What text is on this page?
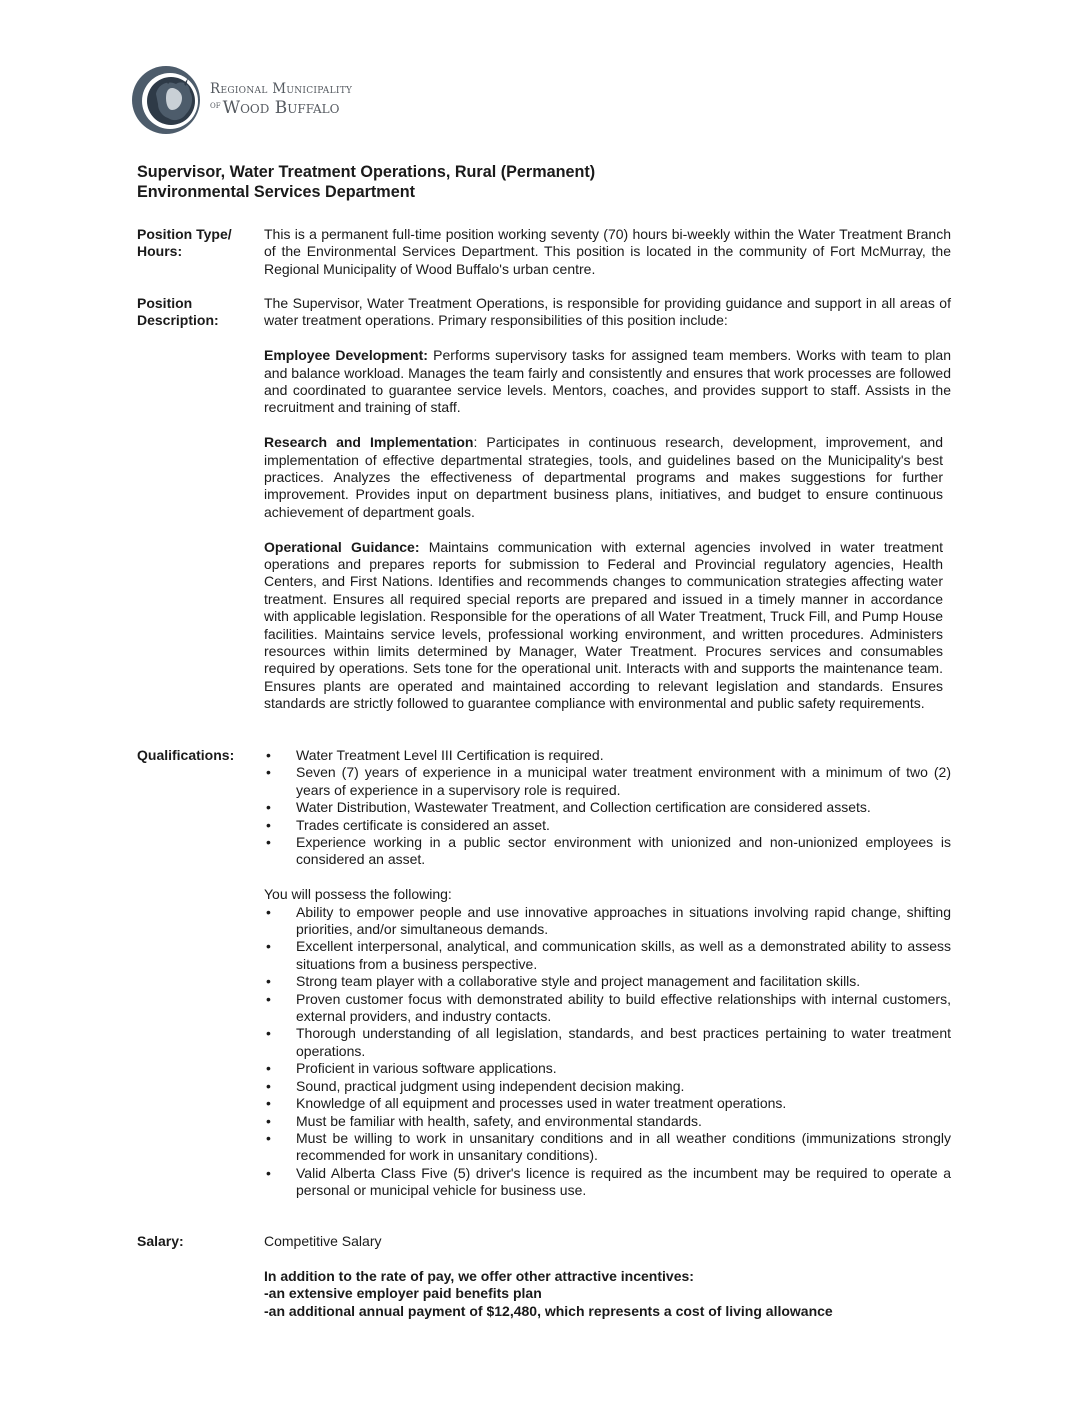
Regional Municipality
$^{of}$ Wood Buffalo
Supervisor, Water Treatment Operations, Rural (Permanent)
Environmental Services Department
Position Type/
Hours:

This is a permanent full-time position working seventy (70) hours bi-weekly within the Water Treatment Branch of the Environmental Services Department. This position is located in the community of Fort McMurray, the Regional Municipality of Wood Buffalo's urban centre.

Position
Description:

The Supervisor, Water Treatment Operations, is responsible for providing guidance and support in all areas of water treatment operations. Primary responsibilities of this position include:

Employee Development: Performs supervisory tasks for assigned team members. Works with team to plan and balance workload. Manages the team fairly and consistently and ensures that work processes are followed and coordinated to guarantee service levels. Mentors, coaches, and provides support to staff. Assists in the recruitment and training of staff.

Research and Implementation: Participates in continuous research, development, improvement, and implementation of effective departmental strategies, tools, and guidelines based on the Municipality's best practices. Analyzes the effectiveness of departmental programs and makes suggestions for further improvement. Provides input on department business plans, initiatives, and budget to ensure continuous achievement of department goals.

Operational Guidance: Maintains communication with external agencies involved in water treatment operations and prepares reports for submission to Federal and Provincial regulatory agencies, Health Centers, and First Nations. Identifies and recommends changes to communication strategies affecting water treatment. Ensures all required special reports are prepared and issued in a timely manner in accordance with applicable legislation. Responsible for the operations of all Water Treatment, Truck Fill, and Pump House facilities. Maintains service levels, professional working environment, and written procedures. Administers resources within limits determined by Manager, Water Treatment. Procures services and consumables required by operations. Sets tone for the operational unit. Interacts with and supports the maintenance team. Ensures plants are operated and maintained according to relevant legislation and standards. Ensures standards are strictly followed to guarantee compliance with environmental and public safety requirements.

Qualifications:
•	Water Treatment Level III Certification is required.
• Seven (7) years of experience in a municipal water treatment environment with a minimum of two (2) years of experience in a supervisory role is required.
• Water Distribution, Wastewater Treatment, and Collection certification are considered assets.
• Trades certificate is considered an asset.
• Experience working in a public sector environment with unionized and non-unionized employees is considered an asset.

You will possess the following:

• Ability to empower people and use innovative approaches in situations involving rapid change, shifting priorities, and/or simultaneous demands.
• Excellent interpersonal, analytical, and communication skills, as well as a demonstrated ability to assess situations from a business perspective.
• Strong team player with a collaborative style and project management and facilitation skills.
• Proven customer focus with demonstrated ability to build effective relationships with internal customers, external providers, and industry contacts.
• Thorough understanding of all legislation, standards, and best practices pertaining to water treatment operations.
• Proficient in various software applications.
• Sound, practical judgment using independent decision making.
• Knowledge of all equipment and processes used in water treatment operations.
• Must be familiar with health, safety, and environmental standards.
• Must be willing to work in unsanitary conditions and in all weather conditions (immunizations strongly recommended for work in unsanitary conditions).
• Valid Alberta Class Five (5) driver's licence is required as the incumbent may be required to operate a personal or municipal vehicle for business use.
Salary:	Competitive Salary

In addition to the rate of pay, we offer other attractive incentives:
-an extensive employer paid benefits plan
-an additional annual payment of $12,480, which represents a cost of living allowance
